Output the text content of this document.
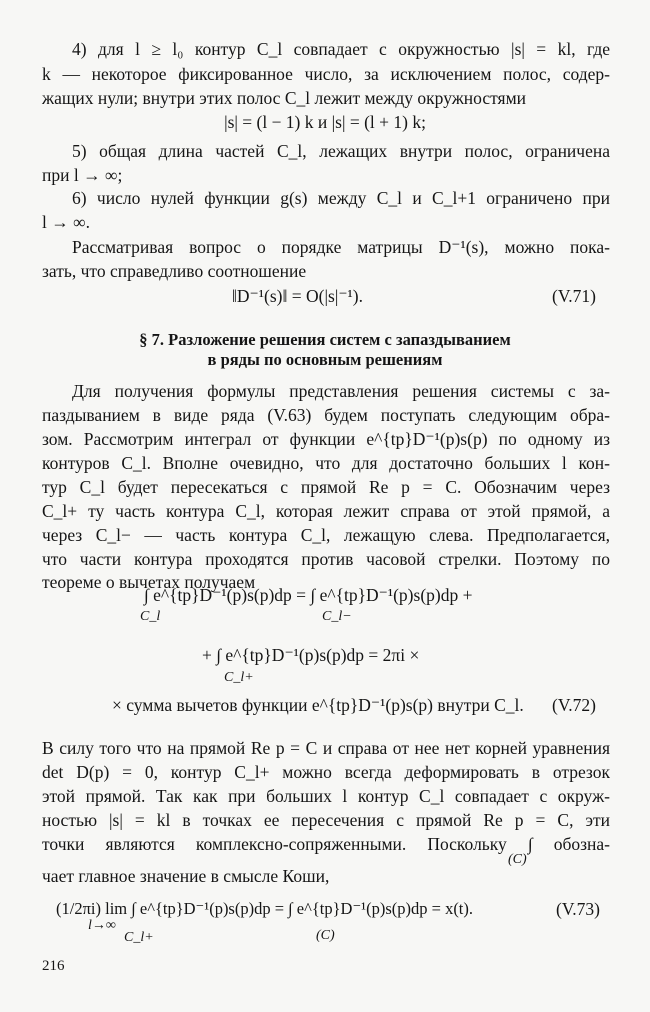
4) для l ≥ l₀ контур C_l совпадает с окружностью |s| = kl, где
k — некоторое фиксированное число, за исключением полос, содер-
жащих нули; внутри этих полос C_l лежит между окружностями
|s| = (l − 1) k и |s| = (l + 1) k;
5) общая длина частей C_l, лежащих внутри полос, ограничена
при l → ∞;
6) число нулей функции g(s) между C_l и C_l+1 ограничено при
l → ∞.
Рассматривая вопрос о порядке матрицы D⁻¹(s), можно пока-
зать, что справедливо соотношение
‖D⁻¹(s)‖ = O(|s|⁻¹).	(V.71)
§ 7. Разложение решения систем с запаздыванием
в ряды по основным решениям
Для получения формулы представления решения системы с за-
паздыванием в виде ряда (V.63) будем поступать следующим обра-
зом. Рассмотрим интеграл от функции e^{tp}D⁻¹(p)s(p) по одному из
контуров C_l. Вполне очевидно, что для достаточно больших l кон-
тур C_l будет пересекаться с прямой Re p = C. Обозначим через
C_l+ ту часть контура C_l, которая лежит справа от этой прямой, а
через C_l− — часть контура C_l, лежащую слева. Предполагается,
что части контура проходятся против часовой стрелки. Поэтому по
теореме о вычетах получаем
∫ e^{tp}D⁻¹(p)s(p)dp = ∫ e^{tp}D⁻¹(p)s(p)dp +
C_l	C_l−
+ ∫ e^{tp}D⁻¹(p)s(p)dp = 2πi ×
C_l+
× сумма вычетов функции e^{tp}D⁻¹(p)s(p) внутри C_l. (V.72)
В силу того что на прямой Re p = C и справа от нее нет корней уравнения
det D(p) = 0, контур C_l+ можно всегда деформировать в отрезок
этой прямой. Так как при больших l контур C_l совпадает с окруж-
ностью |s| = kl в точках ее пересечения с прямой Re p = C, эти
точки являются комплексно-сопряженными. Поскольку ∫ обозна-
(C)
чает главное значение в смысле Коши,
(1/2πi) lim ∫ e^{tp}D⁻¹(p)s(p)dp = ∫ e^{tp}D⁻¹(p)s(p)dp = x(t).
l→∞
C_l+	(C)
(V.73)
216
